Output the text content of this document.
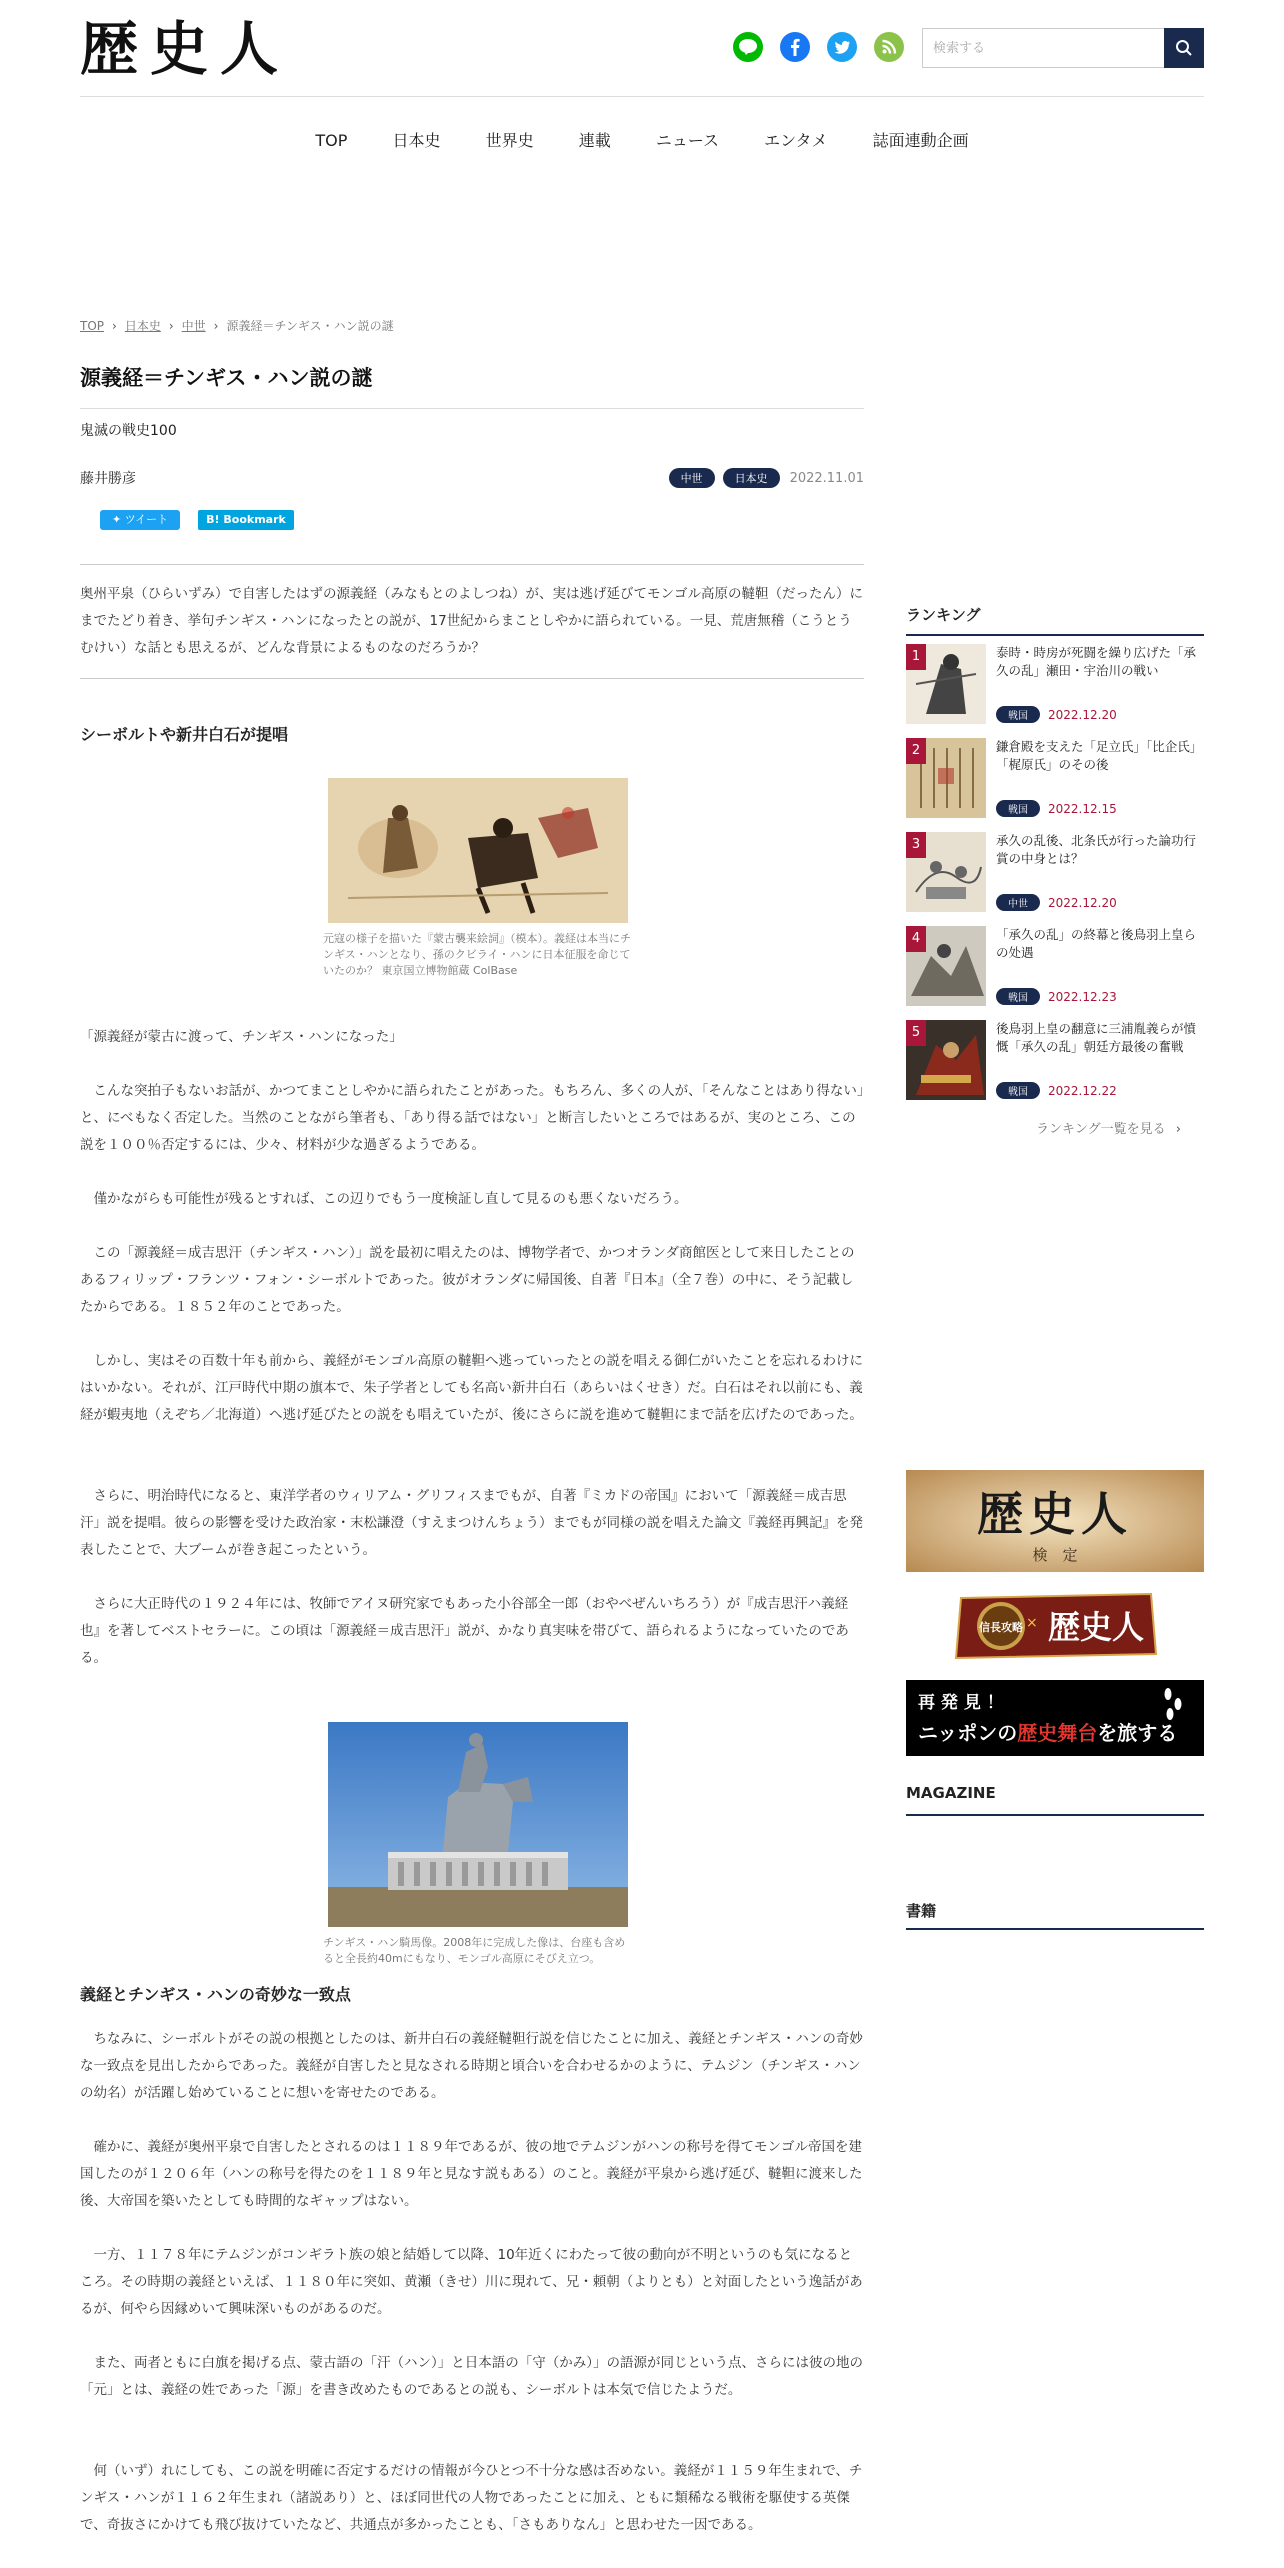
歴史人
検索する
TOP	日本史	世界史	連載	ニュース	エンタメ	誌面連動企画
TOP › 日本史 › 中世 › 源義経＝チンギス・ハン説の謎
源義経＝チンギス・ハン説の謎
鬼滅の戦史100
藤井勝彦	中世	日本史	2022.11.01
✦ ツイート	B! Bookmark
奥州平泉（ひらいずみ）で自害したはずの源義経（みなもとのよしつね）が、実は逃げ延びてモンゴル高原の韃靼（だったん）にまでたどり着き、挙句チンギス・ハンになったとの説が、17世紀からまことしやかに語られている。一見、荒唐無稽（こうとうむけい）な話とも思えるが、どんな背景によるものなのだろうか？
シーボルトや新井白石が提唱
元寇の様子を描いた『蒙古襲来絵詞』（模本）。義経は本当にチンギス・ハンとなり、孫のクビライ・ハンに日本征服を命じていたのか？ 東京国立博物館蔵 ColBase
「源義経が蒙古に渡って、チンギス・ハンになった」
　こんな突拍子もないお話が、かつてまことしやかに語られたことがあった。もちろん、多くの人が、「そんなことはあり得ない」と、にべもなく否定した。当然のことながら筆者も、「あり得る話ではない」と断言したいところではあるが、実のところ、この説を１００％否定するには、少々、材料が少な過ぎるようである。
　僅かながらも可能性が残るとすれば、この辺りでもう一度検証し直して見るのも悪くないだろう。
　この「源義経＝成吉思汗（チンギス・ハン）」説を最初に唱えたのは、博物学者で、かつオランダ商館医として来日したことのあるフィリップ・フランツ・フォン・シーボルトであった。彼がオランダに帰国後、自著『日本』（全７巻）の中に、そう記載したからである。１８５２年のことであった。
　しかし、実はその百数十年も前から、義経がモンゴル高原の韃靼へ逃っていったとの説を唱える御仁がいたことを忘れるわけにはいかない。それが、江戸時代中期の旗本で、朱子学者としても名高い新井白石（あらいはくせき）だ。白石はそれ以前にも、義経が蝦夷地（えぞち／北海道）へ逃げ延びたとの説をも唱えていたが、後にさらに説を進めて韃靼にまで話を広げたのであった。
　さらに、明治時代になると、東洋学者のウィリアム・グリフィスまでもが、自著『ミカドの帝国』において「源義経＝成吉思汗」説を提唱。彼らの影響を受けた政治家・末松謙澄（すえまつけんちょう）までもが同様の説を唱えた論文『義経再興記』を発表したことで、大ブームが巻き起こったという。
　さらに大正時代の１９２４年には、牧師でアイヌ研究家でもあった小谷部全一郎（おやべぜんいちろう）が『成吉思汗ハ義経也』を著してベストセラーに。この頃は「源義経＝成吉思汗」説が、かなり真実味を帯びて、語られるようになっていたのである。
チンギス・ハン騎馬像。2008年に完成した像は、台座も含めると全長約40mにもなり、モンゴル高原にそびえ立つ。
義経とチンギス・ハンの奇妙な一致点
　ちなみに、シーボルトがその説の根拠としたのは、新井白石の義経韃靼行説を信じたことに加え、義経とチンギス・ハンの奇妙な一致点を見出したからであった。義経が自害したと見なされる時期と頃合いを合わせるかのように、テムジン（チンギス・ハンの幼名）が活躍し始めていることに想いを寄せたのである。
　確かに、義経が奥州平泉で自害したとされるのは１１８９年であるが、彼の地でテムジンがハンの称号を得てモンゴル帝国を建国したのが１２０６年（ハンの称号を得たのを１１８９年と見なす説もある）のこと。義経が平泉から逃げ延び、韃靼に渡来した後、大帝国を築いたとしても時間的なギャップはない。
　一方、１１７８年にテムジンがコンギラト族の娘と結婚して以降、10年近くにわたって彼の動向が不明というのも気になるところ。その時期の義経といえば、１１８０年に突如、黄瀬（きせ）川に現れて、兄・頼朝（よりとも）と対面したという逸話があるが、何やら因縁めいて興味深いものがあるのだ。
　また、両者ともに白旗を掲げる点、蒙古語の「汗（ハン）」と日本語の「守（かみ）」の語源が同じという点、さらには彼の地の「元」とは、義経の姓であった「源」を書き改めたものであるとの説も、シーボルトは本気で信じたようだ。
　何（いず）れにしても、この説を明確に否定するだけの情報が今ひとつ不十分な感は否めない。義経が１１５９年生まれで、チンギス・ハンが１１６２年生まれ（諸説あり）と、ほぼ同世代の人物であったことに加え、ともに類稀なる戦術を駆使する英傑で、奇抜さにかけても飛び抜けていたなど、共通点が多かったことも、「さもありなん」と思わせた一因である。
ランキング
1	泰時・時房が死闘を繰り広げた「承久の乱」瀬田・宇治川の戦い
戦国	2022.12.20
2	鎌倉殿を支えた「足立氏」「比企氏」「梶原氏」のその後
戦国	2022.12.15
3	承久の乱後、北条氏が行った論功行賞の中身とは？
中世	2022.12.20
4	「承久の乱」の終幕と後鳥羽上皇らの处遇
戦国	2022.12.23
5	後鳥羽上皇の翻意に三浦胤義らが憤慨「承久の乱」朝廷方最後の奮戦
戦国	2022.12.22
ランキング一覧を見る ›
歴史人
検　定
信長攻略 × 歴史人
再 発 見 ！
ニッポンの歴史舞台を旅する
MAGAZINE
書籍
